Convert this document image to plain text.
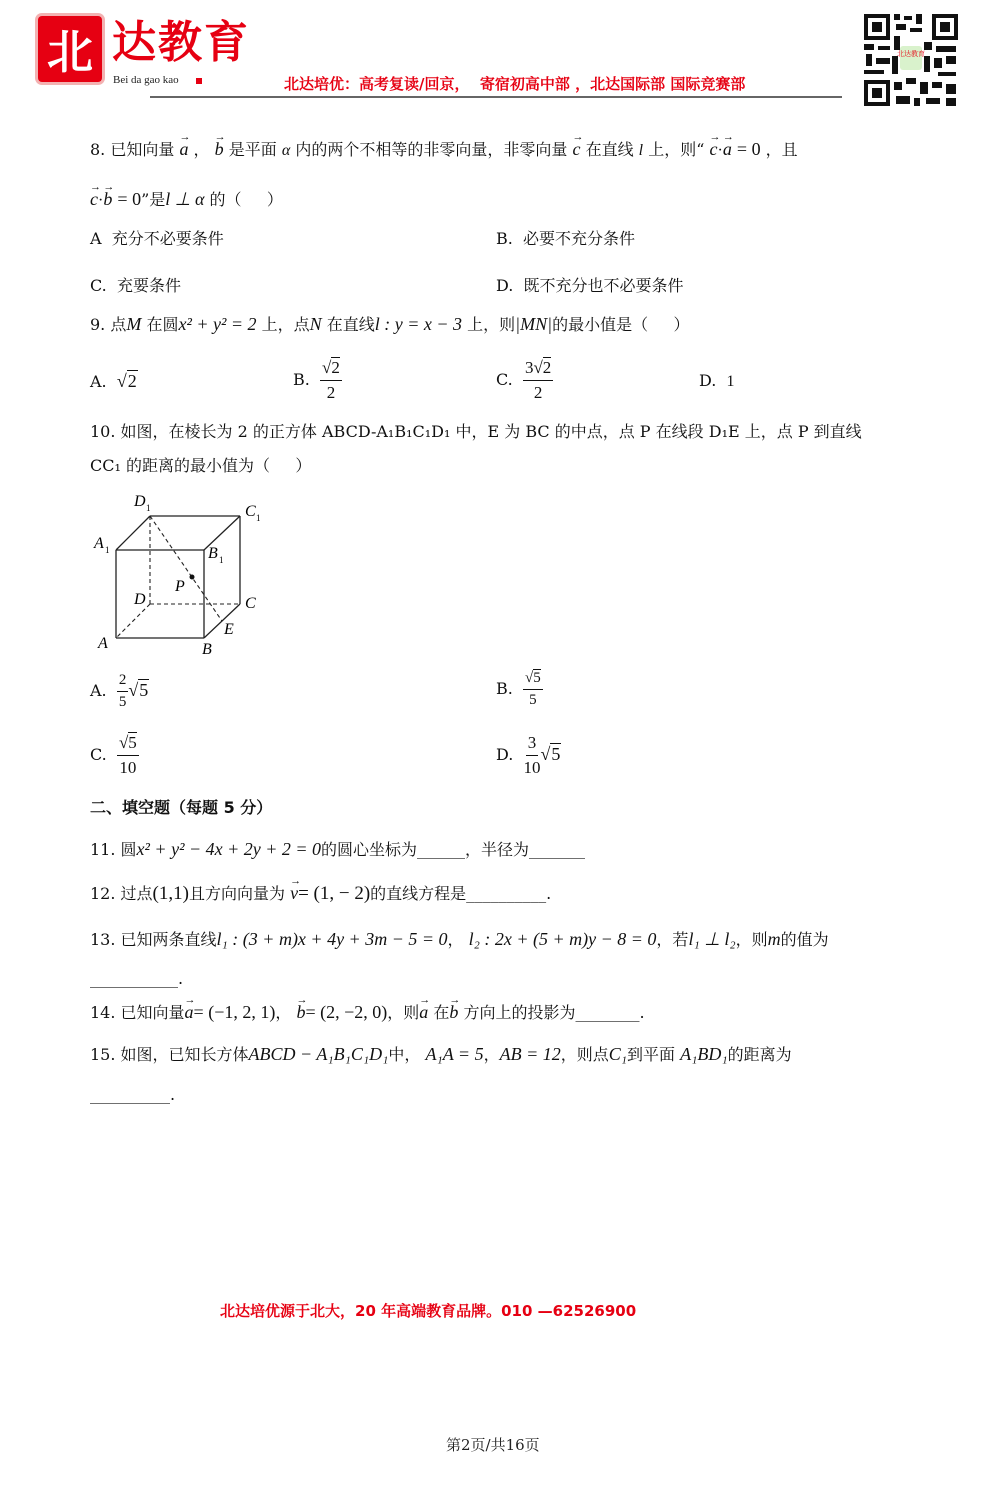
北 达教育
Bei da gao kao	北达培优：高考复读/回京，  寄宿初高中部 ，北达国际部 国际竞赛部
北达教育
8. 已知向量 → a ， → b 是平面 α 内的两个不相等的非零向量，非零向量 → c 在直线 l 上，则“ → c·→ a = 0 ，且
→ c·→ b = 0”是l ⊥ α 的（     ）
A 充分不必要条件	B. 必要不充分条件
C. 充要条件	D. 既不充分也不必要条件
9. 点M 在圆x² + y² = 2 上，点N 在直线l : y = x − 3 上，则|MN|的最小值是（     ）
A. √2	B. $\frac{√2}{2}$	C. $\frac{3√2}{2}$	D. 1
10. 如图，在棱长为 2 的正方体 ABCD-A₁B₁C₁D₁ 中，E 为 BC 的中点，点 P 在线段 D₁E 上，点 P 到直线
CC₁ 的距离的最小值为（     ）
D 1	C 1
A 1	B 1
P
D	C
E
A	B
A. $\frac{2}{5} √5$	B. $\frac{√5}{5}$
C. $\frac{√5}{10}$	D. $\frac{3}{10} √5$
二、填空题（每题 5 分）
11. 圆x² + y² − 4x + 2y + 2 = 0的圆心坐标为______，半径为_______
12. 过点(1,1)且方向向量为 → v= (1, − 2)的直线方程是__________.
13. 已知两条直线l₁ : (3 + m)x + 4y + 3m − 5 = 0， l₂ : 2x + (5 + m)y − 8 = 0，若l₁ ⊥ l₂，则m的值为
___________.
14. 已知向量→ a= (−1, 2, 1)， → b= (2, −2, 0)，则→ a 在→ b 方向上的投影为________.
15. 如图，已知长方体ABCD − A₁B₁C₁D₁中， A₁A = 5，AB = 12，则点C₁到平面 A₁BD₁的距离为
__________.
北达培优源于北大，20 年高端教育品牌。010 —62526900
第2页/共16页
